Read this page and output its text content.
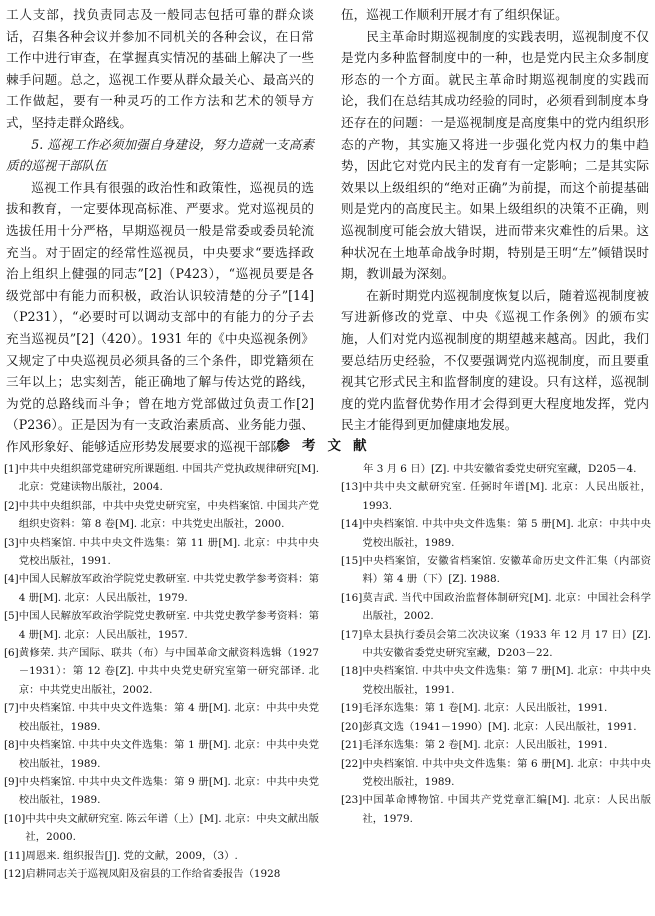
工人支部，找负责同志及一般同志包括可靠的群众谈话，召集各种会议并参加不同机关的各种会议，在日常工作中进行审查，在掌握真实情况的基础上解决了一些棘手问题。总之，巡视工作要从群众最关心、最高兴的工作做起，要有一种灵巧的工作方法和艺术的领导方式，坚持走群众路线。

5. 巡视工作必须加强自身建设，努力造就一支高素质的巡视干部队伍

巡视工作具有很强的政治性和政策性，巡视员的选拔和教育，一定要体现高标准、严要求。党对巡视员的选拔任用十分严格，早期巡视员一般是常委或委员轮流充当。对于固定的经常性巡视员，中央要求“要选择政治上组织上健强的同志”[2]（P423），“巡视员要是各级党部中有能力而积极，政治认识较清楚的分子”[14]（P231），“必要时可以调动支部中的有能力的分子去充当巡视员”[2]（420）。1931 年的《中央巡视条例》又规定了中央巡视员必须具备的三个条件，即党籍须在三年以上；忠实刻苦，能正确地了解与传达党的路线，为党的总路线而斗争；曾在地方党部做过负责工作[2]（P236）。正是因为有一支政治素质高、业务能力强、作风形象好、能够适应形势发展要求的巡视干部队

伍，巡视工作顺利开展才有了组织保证。

民主革命时期巡视制度的实践表明，巡视制度不仅是党内多种监督制度中的一种，也是党内民主众多制度形态的一个方面。就民主革命时期巡视制度的实践而论，我们在总结其成功经验的同时，必须看到制度本身还存在的问题：一是巡视制度是高度集中的党内组织形态的产物，其实施又将进一步强化党内权力的集中趋势，因此它对党内民主的发育有一定影响；二是其实际效果以上级组织的“绝对正确”为前提，而这个前提基础则是党内的高度民主。如果上级组织的决策不正确，则巡视制度可能会放大错误，进而带来灾难性的后果。这种状况在土地革命战争时期，特别是王明“左”倾错误时期，教训最为深刻。

在新时期党内巡视制度恢复以后，随着巡视制度被写进新修改的党章、中央《巡视工作条例》的颁布实施，人们对党内巡视制度的期望越来越高。因此，我们要总结历史经验，不仅要强调党内巡视制度，而且要重视其它形式民主和监督制度的建设。只有这样，巡视制度的党内监督优势作用才会得到更大程度地发挥，党内民主才能得到更加健康地发展。

参考文献
[1] 中共中央组织部党建研究所课题组. 中国共产党执政规律研究[M]. 北京：党建读物出版社，2004.
[2] 中共中央组织部，中共中央党史研究室，中央档案馆. 中国共产党组织史资料：第 8 卷[M]. 北京：中共党史出版社，2000.
[3] 中央档案馆. 中共中央文件选集：第 11 册[M]. 北京：中共中央党校出版社，1991.
[4] 中国人民解放军政治学院党史教研室. 中共党史教学参考资料：第 4 册[M]. 北京：人民出版社，1979.
[5] 中国人民解放军政治学院党史教研室. 中共党史教学参考资料：第 4 册[M]. 北京：人民出版社，1957.
[6] 黄修荣. 共产国际、联共（布）与中国革命文献资料选辑（1927－1931）：第 12 卷[Z]. 中共中央党史研究室第一研究部译. 北京：中共党史出版社，2002.
[7] 中央档案馆. 中共中央文件选集：第 4 册[M]. 北京：中共中央党校出版社，1989.
[8] 中央档案馆. 中共中央文件选集：第 1 册[M]. 北京：中共中央党校出版社，1989.
[9] 中央档案馆. 中共中央文件选集：第 9 册[M]. 北京：中共中央党校出版社，1989.
[10] 中共中央文献研究室. 陈云年谱（上）[M]. 北京：中央文献出版社，2000.
[11] 周恩来. 组织报告[J]. 党的文献，2009，（3）.
[12] 启耕同志关于巡视凤阳及宿县的工作给省委报告（1928
年 3 月 6 日）[Z]. 中共安徽省委党史研究室藏，D205－4.
[13] 中共中央文献研究室. 任弼时年谱[M]. 北京：人民出版社，1993.
[14] 中央档案馆. 中共中央文件选集：第 5 册[M]. 北京：中共中央党校出版社，1989.
[15] 中央档案馆，安徽省档案馆. 安徽革命历史文件汇集（内部资料）第 4 册（下）[Z]. 1988.
[16] 莫吉武. 当代中国政治监督体制研究[M]. 北京：中国社会科学出版社，2002.
[17] 阜太县执行委员会第二次决议案（1933 年 12 月 17 日）[Z]. 中共安徽省委党史研究室藏，D203－22.
[18] 中央档案馆. 中共中央文件选集：第 7 册[M]. 北京：中共中央党校出版社，1991.
[19] 毛泽东选集：第 1 卷[M]. 北京：人民出版社，1991.
[20] 彭真文选（1941－1990）[M]. 北京：人民出版社，1991.
[21] 毛泽东选集：第 2 卷[M]. 北京：人民出版社，1991.
[22] 中央档案馆. 中共中央文件选集：第 6 册[M]. 北京：中共中央党校出版社，1989.
[23] 中国革命博物馆. 中国共产党党章汇编[M]. 北京：人民出版社，1979.
